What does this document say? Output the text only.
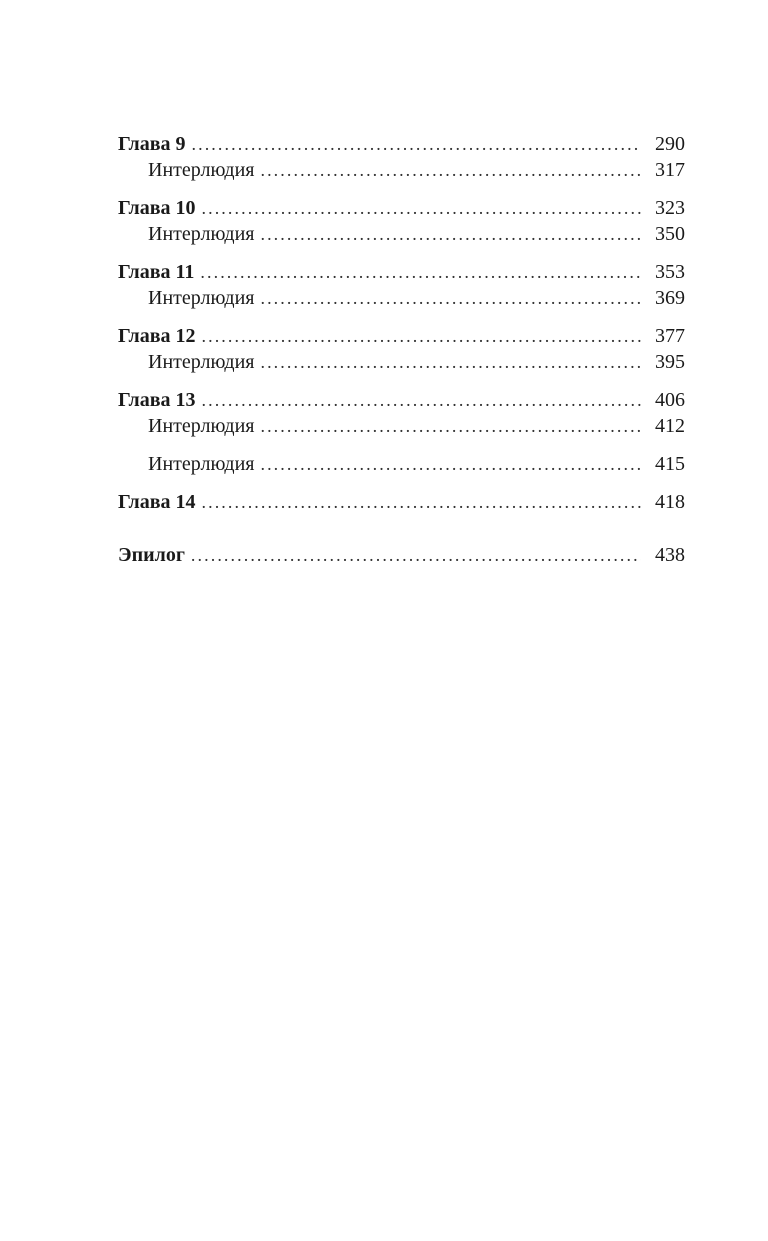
Глава 9 .....	290
Интерлюдия .....	317
Глава 10 .....	323
Интерлюдия .....	350
Глава 11 .....	353
Интерлюдия .....	369
Глава 12 .....	377
Интерлюдия .....	395
Глава 13 .....	406
Интерлюдия .....	412
Интерлюдия .....	415
Глава 14 .....	418
Эпилог .....	438
